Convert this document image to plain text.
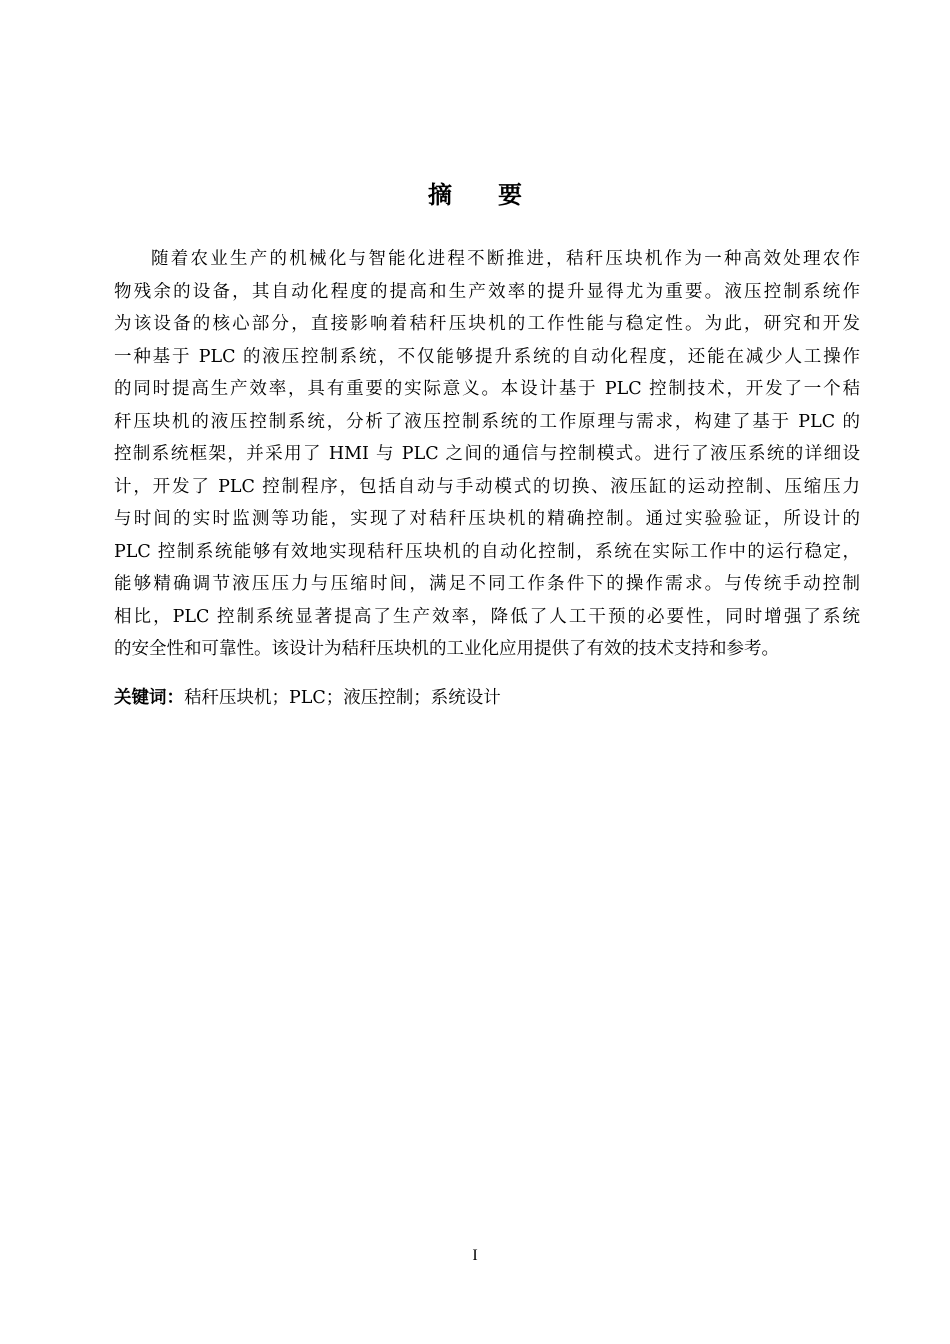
摘 要
随着农业生产的机械化与智能化进程不断推进，秸秆压块机作为一种高效处理农作
物残余的设备，其自动化程度的提高和生产效率的提升显得尤为重要。液压控制系统作
为该设备的核心部分，直接影响着秸秆压块机的工作性能与稳定性。为此，研究和开发
一种基于 PLC 的液压控制系统，不仅能够提升系统的自动化程度，还能在减少人工操作
的同时提高生产效率，具有重要的实际意义。本设计基于 PLC 控制技术，开发了一个秸
秆压块机的液压控制系统，分析了液压控制系统的工作原理与需求，构建了基于 PLC 的
控制系统框架，并采用了 HMI 与 PLC 之间的通信与控制模式。进行了液压系统的详细设
计，开发了 PLC 控制程序，包括自动与手动模式的切换、液压缸的运动控制、压缩压力
与时间的实时监测等功能，实现了对秸秆压块机的精确控制。通过实验验证，所设计的
PLC 控制系统能够有效地实现秸秆压块机的自动化控制，系统在实际工作中的运行稳定，
能够精确调节液压压力与压缩时间，满足不同工作条件下的操作需求。与传统手动控制
相比，PLC 控制系统显著提高了生产效率，降低了人工干预的必要性，同时增强了系统
的安全性和可靠性。该设计为秸秆压块机的工业化应用提供了有效的技术支持和参考。
关键词：秸秆压块机；PLC；液压控制；系统设计
I
